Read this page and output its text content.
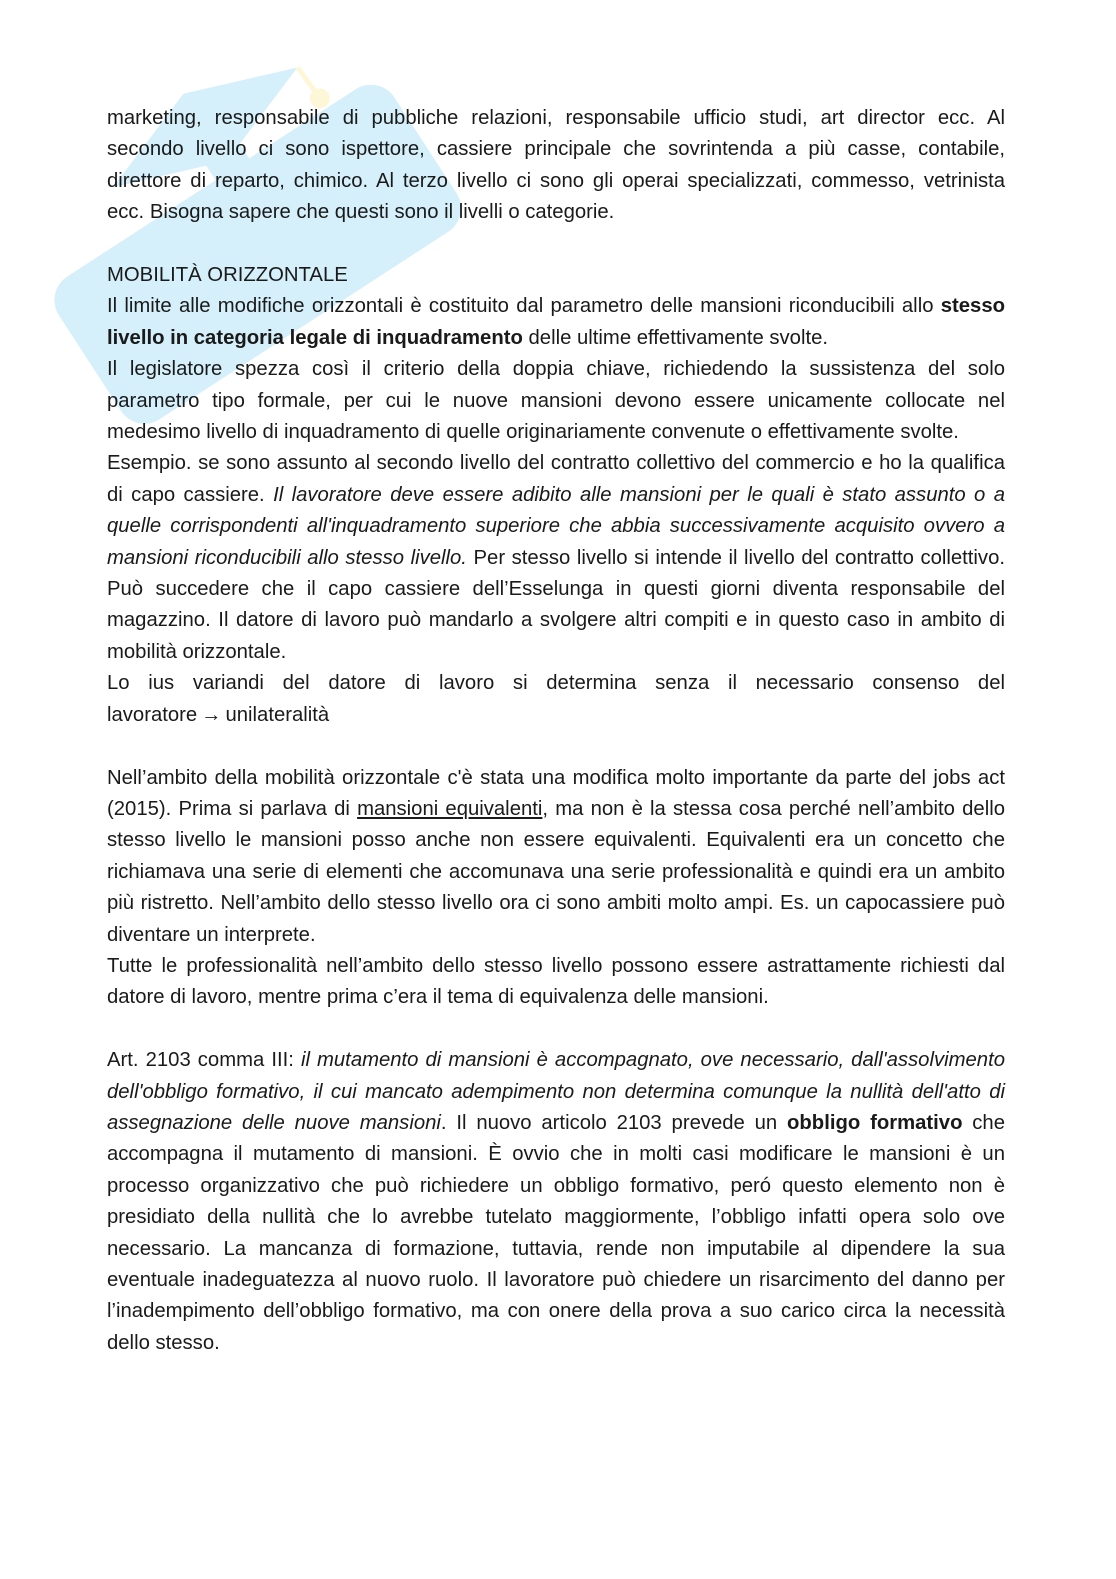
marketing, responsabile di pubbliche relazioni, responsabile ufficio studi, art director ecc. Al secondo livello ci sono ispettore, cassiere principale che sovrintenda a più casse, contabile, direttore di reparto, chimico. Al terzo livello ci sono gli operai specializzati, commesso, vetrinista ecc. Bisogna sapere che questi sono il livelli o categorie.

MOBILITÀ ORIZZONTALE

Il limite alle modifiche orizzontali è costituito dal parametro delle mansioni riconducibili allo stesso livello in categoria legale di inquadramento delle ultime effettivamente svolte.

Il legislatore spezza così il criterio della doppia chiave, richiedendo la sussistenza del solo parametro tipo formale, per cui le nuove mansioni devono essere unicamente collocate nel medesimo livello di inquadramento di quelle originariamente convenute o effettivamente svolte.

Esempio. se sono assunto al secondo livello del contratto collettivo del commercio e ho la qualifica di capo cassiere. Il lavoratore deve essere adibito alle mansioni per le quali è stato assunto o a quelle corrispondenti all'inquadramento superiore che abbia successivamente acquisito ovvero a mansioni riconducibili allo stesso livello. Per stesso livello si intende il livello del contratto collettivo. Può succedere che il capo cassiere dell’Esselunga in questi giorni diventa responsabile del magazzino. Il datore di lavoro può mandarlo a svolgere altri compiti e in questo caso in ambito di mobilità orizzontale.

Lo ius variandi del datore di lavoro si determina senza il necessario consenso del lavoratore → unilateralità

Nell’ambito della mobilità orizzontale c'è stata una modifica molto importante da parte del jobs act (2015). Prima si parlava di mansioni equivalenti, ma non è la stessa cosa perché nell’ambito dello stesso livello le mansioni posso anche non essere equivalenti. Equivalenti era un concetto che richiamava una serie di elementi che accomunava una serie professionalità e quindi era un ambito più ristretto. Nell’ambito dello stesso livello ora ci sono ambiti molto ampi. Es. un capocassiere può diventare un interprete.

Tutte le professionalità nell’ambito dello stesso livello possono essere astrattamente richiesti dal datore di lavoro, mentre prima c’era il tema di equivalenza delle mansioni.

Art. 2103 comma III: il mutamento di mansioni è accompagnato, ove necessario, dall'assolvimento dell'obbligo formativo, il cui mancato adempimento non determina comunque la nullità dell'atto di assegnazione delle nuove mansioni. Il nuovo articolo 2103 prevede un obbligo formativo che accompagna il mutamento di mansioni. È ovvio che in molti casi modificare le mansioni è un processo organizzativo che può richiedere un obbligo formativo, peró questo elemento non è presidiato della nullità che lo avrebbe tutelato maggiormente, l’obbligo infatti opera solo ove necessario. La mancanza di formazione, tuttavia, rende non imputabile al dipendere la sua eventuale inadeguatezza al nuovo ruolo. Il lavoratore può chiedere un risarcimento del danno per l’inadempimento dell’obbligo formativo, ma con onere della prova a suo carico circa la necessità dello stesso.
